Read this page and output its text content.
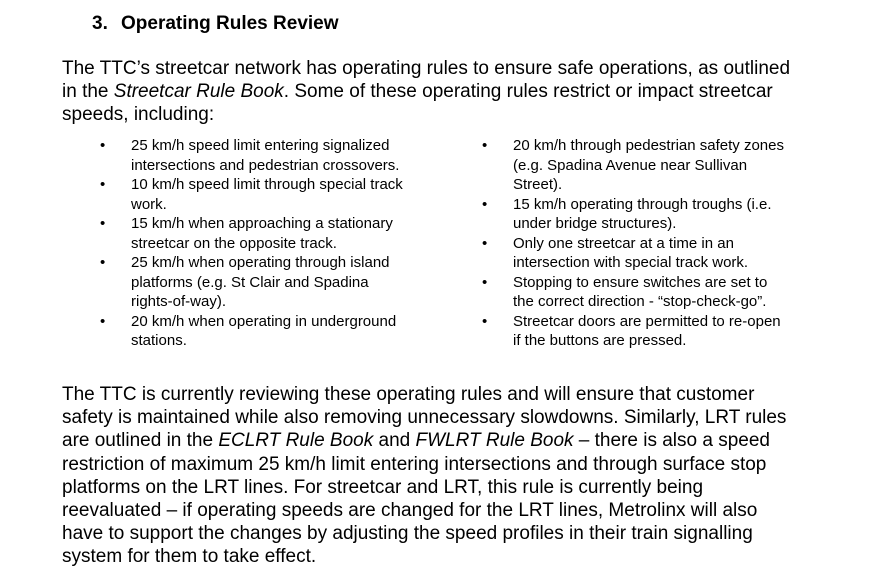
3. Operating Rules Review
The TTC’s streetcar network has operating rules to ensure safe operations, as outlined
in the Streetcar Rule Book. Some of these operating rules restrict or impact streetcar
speeds, including:
•	25 km/h speed limit entering signalized
intersections and pedestrian crossovers.
•	10 km/h speed limit through special track
work.
•	15 km/h when approaching a stationary
streetcar on the opposite track.
•	25 km/h when operating through island
platforms (e.g. St Clair and Spadina
rights-of-way).
•	20 km/h when operating in underground
stations.
•	20 km/h through pedestrian safety zones
(e.g. Spadina Avenue near Sullivan
Street).
•	15 km/h operating through troughs (i.e.
under bridge structures).
•	Only one streetcar at a time in an
intersection with special track work.
•	Stopping to ensure switches are set to
the correct direction - “stop-check-go”.
•	Streetcar doors are permitted to re-open
if the buttons are pressed.
The TTC is currently reviewing these operating rules and will ensure that customer
safety is maintained while also removing unnecessary slowdowns. Similarly, LRT rules
are outlined in the ECLRT Rule Book and FWLRT Rule Book – there is also a speed
restriction of maximum 25 km/h limit entering intersections and through surface stop
platforms on the LRT lines. For streetcar and LRT, this rule is currently being
reevaluated – if operating speeds are changed for the LRT lines, Metrolinx will also
have to support the changes by adjusting the speed profiles in their train signalling
system for them to take effect.
